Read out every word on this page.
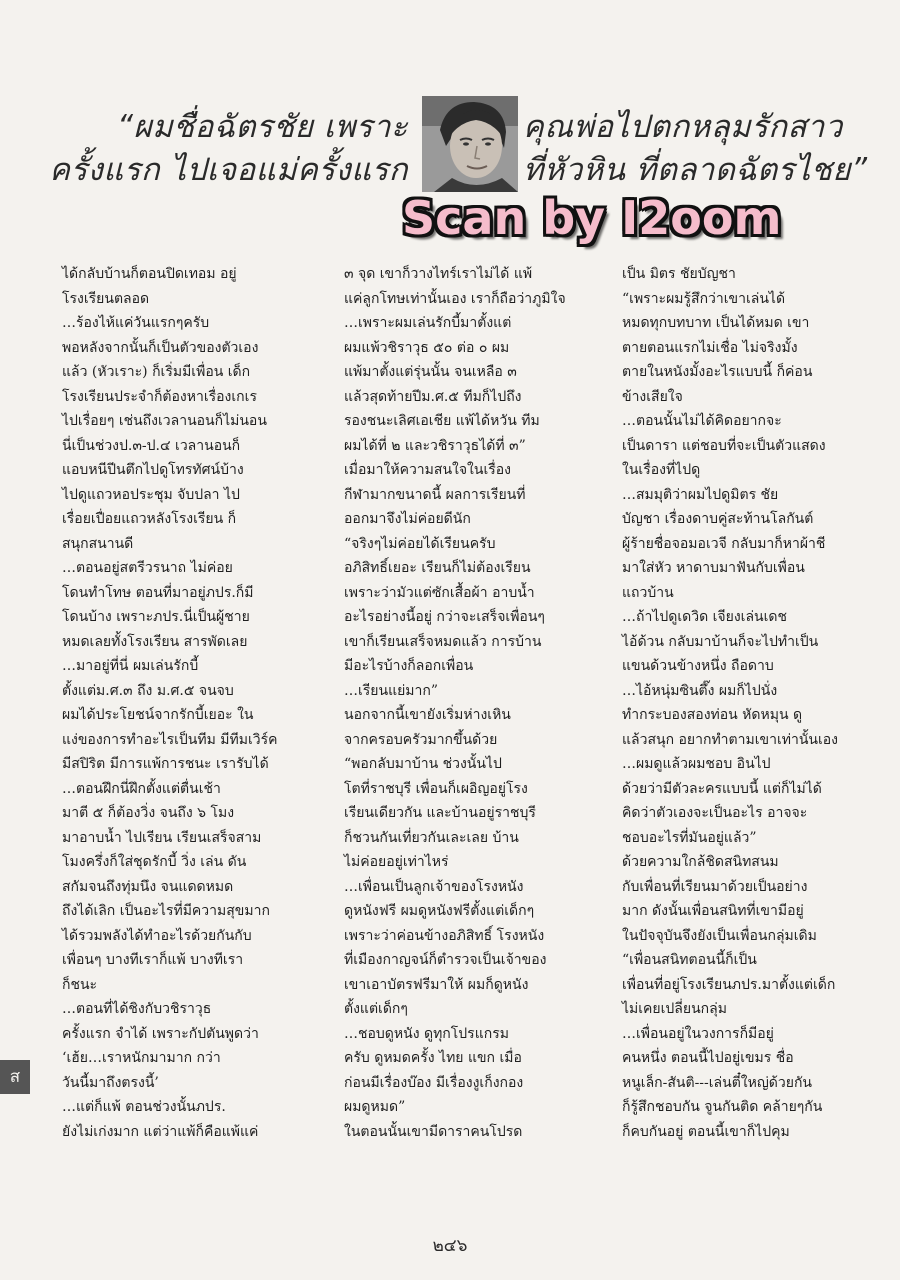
“ผมชื่อฉัตรชัย เพราะ
ครั้งแรก ไปเจอแม่ครั้งแรก
คุณพ่อไปตกหลุมรักสาว
ที่หัวหิน ที่ตลาดฉัตรไชย”
Scan by I2oom

ได้กลับบ้านก็ตอนปิดเทอม อยู่
โรงเรียนตลอด
…ร้องไห้แค่วันแรกๆครับ
พอหลังจากนั้นก็เป็นตัวของตัวเอง
แล้ว (หัวเราะ) ก็เริ่มมีเพื่อน เด็ก
โรงเรียนประจำก็ต้องหาเรื่องเกเร
ไปเรื่อยๆ เช่นถึงเวลานอนก็ไม่นอน
นี่เป็นช่วงป.๓-ป.๔ เวลานอนก็
แอบหนีปีนตึกไปดูโทรทัศน์บ้าง
ไปดูแถวหอประชุม จับปลา ไป
เรื่อยเปื่อยแถวหลังโรงเรียน ก็
สนุกสนานดี
…ตอนอยู่สตรีวรนาถ ไม่ค่อย
โดนทำโทษ ตอนที่มาอยู่ภปร.ก็มี
โดนบ้าง เพราะภปร.นี่เป็นผู้ชาย
หมดเลยทั้งโรงเรียน สารพัดเลย
…มาอยู่ที่นี่ ผมเล่นรักบี้
ตั้งแต่ม.ศ.๓ ถึง ม.ศ.๕ จนจบ
ผมได้ประโยชน์จากรักบี้เยอะ ใน
แง่ของการทำอะไรเป็นทีม มีทีมเวิร์ค
มีสปิริต มีการแพ้การชนะ เรารับได้
…ตอนฝึกนี่ฝึกตั้งแต่ตื่นเช้า
มาตี ๕ ก็ต้องวิ่ง จนถึง ๖ โมง
มาอาบน้ำ ไปเรียน เรียนเสร็จสาม
โมงครึ่งก็ใส่ชุดรักบี้ วิ่ง เล่น ดัน
สกัมจนถึงทุ่มนึง จนแดดหมด
ถึงได้เลิก เป็นอะไรที่มีความสุขมาก
ได้รวมพลังได้ทำอะไรด้วยกันกับ
เพื่อนๆ บางทีเราก็แพ้ บางทีเรา
ก็ชนะ
…ตอนที่ได้ชิงกับวชิราวุธ
ครั้งแรก จำได้ เพราะกัปตันพูดว่า
‘เฮ้ย…เราหนักมามาก กว่า
วันนี้มาถึงตรงนี้’
…แต่ก็แพ้ ตอนช่วงนั้นภปร.
ยังไม่เก่งมาก แต่ว่าแพ้ก็คือแพ้แค่

๓ จุด เขาก็วางไทร์เราไม่ได้ แพ้
แค่ลูกโทษเท่านั้นเอง เราก็ถือว่าภูมิใจ
…เพราะผมเล่นรักบี้มาตั้งแต่
ผมแพ้วชิราวุธ ๕๐ ต่อ ๐ ผม
แพ้มาตั้งแต่รุ่นนั้น จนเหลือ ๓
แล้วสุดท้ายปีม.ศ.๕ ทีมก็ไปถึง
รองชนะเลิศเอเชีย แพ้ได้หวัน ทีม
ผมได้ที่ ๒ และวชิราวุธได้ที่ ๓”
เมื่อมาให้ความสนใจในเรื่อง
กีฬามากขนาดนี้ ผลการเรียนที่
ออกมาจึงไม่ค่อยดีนัก
“จริงๆไม่ค่อยได้เรียนครับ
อภิสิทธิ์เยอะ เรียนก็ไม่ต้องเรียน
เพราะว่ามัวแต่ซักเสื้อผ้า อาบน้ำ
อะไรอย่างนี้อยู่ กว่าจะเสร็จเพื่อนๆ
เขาก็เรียนเสร็จหมดแล้ว การบ้าน
มีอะไรบ้างก็ลอกเพื่อน
…เรียนแย่มาก”
นอกจากนี้เขายังเริ่มห่างเหิน
จากครอบครัวมากขึ้นด้วย
“พอกลับมาบ้าน ช่วงนั้นไป
โตที่ราชบุรี เพื่อนก็เผอิญอยู่โรง
เรียนเดียวกัน และบ้านอยู่ราชบุรี
ก็ชวนกันเที่ยวกันเละเลย บ้าน
ไม่ค่อยอยู่เท่าไหร่
…เพื่อนเป็นลูกเจ้าของโรงหนัง
ดูหนังฟรี ผมดูหนังฟรีตั้งแต่เด็กๆ
เพราะว่าค่อนข้างอภิสิทธิ์ โรงหนัง
ที่เมืองกาญจน์ก็ตำรวจเป็นเจ้าของ
เขาเอาบัตรฟรีมาให้ ผมก็ดูหนัง
ตั้งแต่เด็กๆ
…ชอบดูหนัง ดูทุกโปรแกรม
ครับ ดูหมดครั้ง ไทย แขก เมื่อ
ก่อนมีเรื่องบ๊อง มีเรื่องงูเก็งกอง
ผมดูหมด”
ในตอนนั้นเขามีดาราคนโปรด

เป็น มิตร ชัยบัญชา
“เพราะผมรู้สึกว่าเขาเล่นได้
หมดทุกบทบาท เป็นได้หมด เขา
ตายตอนแรกไม่เชื่อ ไม่จริงมั้ง
ตายในหนังมั้งอะไรแบบนี้ ก็ค่อน
ข้างเสียใจ
…ตอนนั้นไม่ได้คิดอยากจะ
เป็นดารา แต่ชอบที่จะเป็นตัวแสดง
ในเรื่องที่ไปดู
…สมมุติว่าผมไปดูมิตร ชัย
บัญชา เรื่องดาบคู่สะท้านโลกันต์
ผู้ร้ายชื่อจอมอเวจี กลับมาก็หาผ้าชี
มาใส่หัว หาดาบมาฟันกับเพื่อน
แถวบ้าน
…ถ้าไปดูเดวิด เจียงเล่นเดช
ไอ้ด้วน กลับมาบ้านก็จะไปทำเป็น
แขนด้วนข้างหนึ่ง ถือดาบ
…ไอ้หนุ่มซินตึ๊ง ผมก็ไปนั่ง
ทำกระบองสองท่อน หัดหมุน ดู
แล้วสนุก อยากทำตามเขาเท่านั้นเอง
…ผมดูแล้วผมชอบ อินไป
ด้วยว่ามีตัวละครแบบนี้ แต่ก็ไม่ได้
คิดว่าตัวเองจะเป็นอะไร อาจจะ
ชอบอะไรที่มันอยู่แล้ว”
ด้วยความใกล้ชิดสนิทสนม
กับเพื่อนที่เรียนมาด้วยเป็นอย่าง
มาก ดังนั้นเพื่อนสนิทที่เขามีอยู่
ในปัจจุบันจึงยังเป็นเพื่อนกลุ่มเดิม
“เพื่อนสนิทตอนนี้ก็เป็น
เพื่อนที่อยู่โรงเรียนภปร.มาตั้งแต่เด็ก
ไม่เคยเปลี่ยนกลุ่ม
…เพื่อนอยู่ในวงการก็มีอยู่
คนหนึ่ง ตอนนี้ไปอยู่เขมร ชื่อ
หนูเล็ก-สันติ---เล่นตี๋ใหญ่ด้วยกัน
ก็รู้สึกชอบกัน จูนกันติด คล้ายๆกัน
ก็คบกันอยู่ ตอนนี้เขาก็ไปคุม

ส
๒๔๖
